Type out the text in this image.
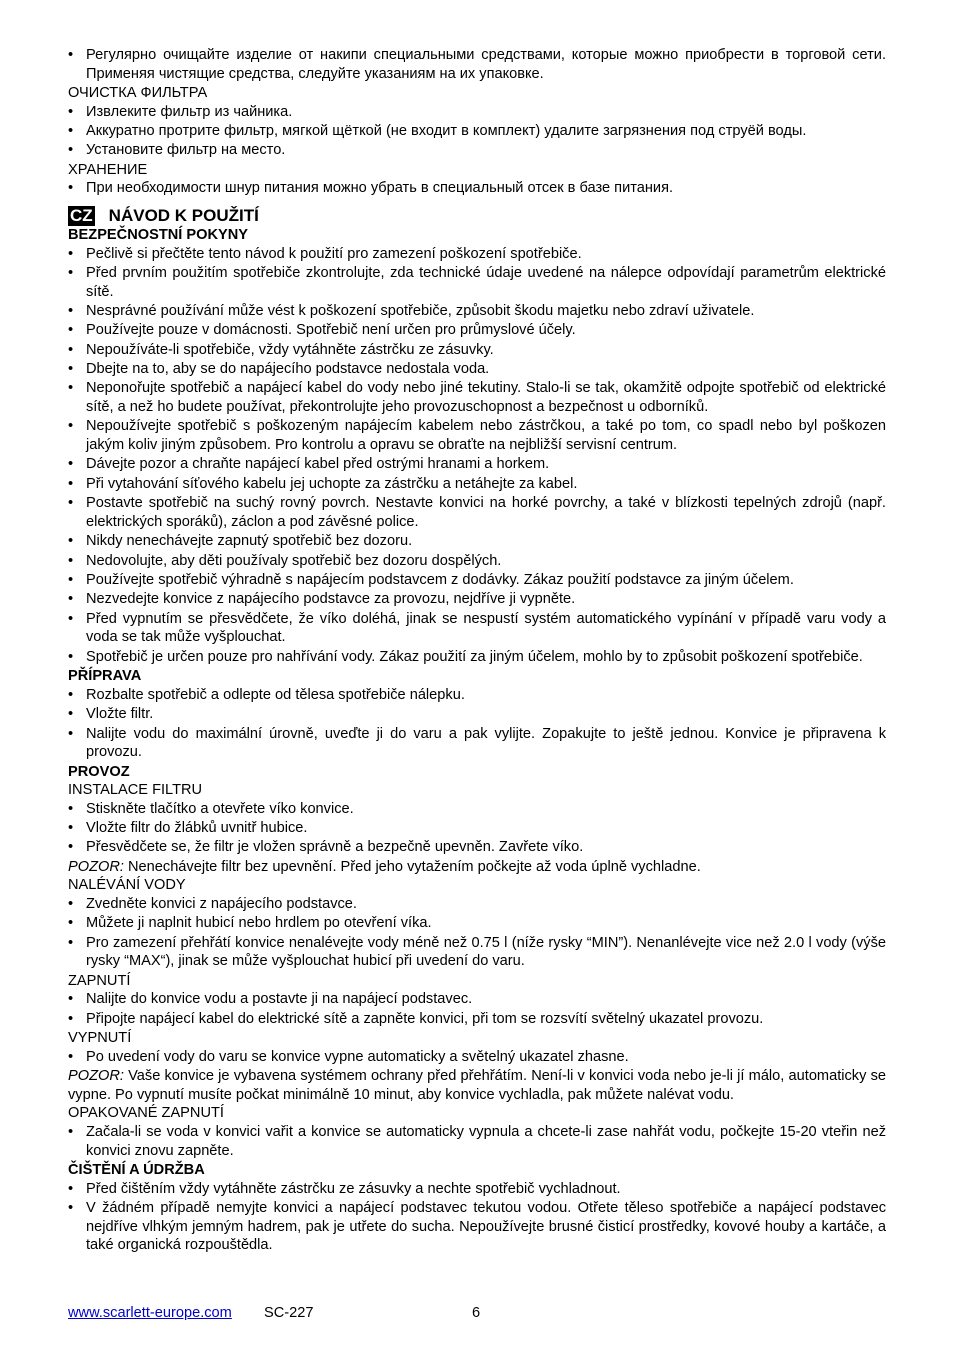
• Регулярно очищайте изделие от накипи специальными средствами, которые можно приобрести в торговой сети. Применяя чистящие средства, следуйте указаниям на их упаковке.
ОЧИСТКА ФИЛЬТРА
• Извлеките фильтр из чайника.
• Аккуратно протрите фильтр, мягкой щёткой (не входит в комплект) удалите загрязнения под струёй воды.
• Установите фильтр на место.
ХРАНЕНИЕ
• При необходимости шнур питания можно убрать в специальный отсек в базе питания.
CZ NÁVOD K POUŽITÍ
BEZPEČNOSTNÍ POKYNY
• Pečlivě si přečtěte tento návod k použití pro zamezení poškození spotřebiče.
• Před prvním použitím spotřebiče zkontrolujte, zda technické údaje uvedené na nálepce odpovídají parametrům elektrické sítě.
• Nesprávné používání může vést k poškození spotřebiče, způsobit škodu majetku nebo zdraví uživatele.
• Používejte pouze v domácnosti. Spotřebič není určen pro průmyslové účely.
• Nepoužíváte-li spotřebiče, vždy vytáhněte zástrčku ze zásuvky.
• Dbejte na to, aby se do napájecího podstavce nedostala voda.
• Neponořujte spotřebič a napájecí kabel do vody nebo jiné tekutiny. Stalo-li se tak, okamžitě odpojte spotřebič od elektrické sítě, a než ho budete používat, překontrolujte jeho provozuschopnost a bezpečnost u odborníků.
• Nepoužívejte spotřebič s poškozeným napájecím kabelem nebo zástrčkou, a také po tom, co spadl nebo byl poškozen jakým koliv jiným způsobem. Pro kontrolu a opravu se obraťte na nejbližší servisní centrum.
• Dávejte pozor a chraňte napájecí kabel před ostrými hranami a horkem.
• Při vytahování síťového kabelu jej uchopte za zástrčku a netáhejte za kabel.
• Postavte spotřebič na suchý rovný povrch. Nestavte konvici na horké povrchy, a také v blízkosti tepelných zdrojů (např. elektrických sporáků), záclon a pod závěsné police.
• Nikdy nenechávejte zapnutý spotřebič bez dozoru.
• Nedovolujte, aby děti používaly spotřebič bez dozoru dospělých.
• Používejte spotřebič výhradně s napájecím podstavcem z dodávky. Zákaz použití podstavce za jiným účelem.
• Nezvedejte konvice z napájecího podstavce za provozu, nejdříve ji vypněte.
• Před vypnutím se přesvědčete, že víko doléhá, jinak se nespustí systém automatického vypínání v případě varu vody a voda se tak může vyšplouchat.
• Spotřebič je určen pouze pro nahřívání vody. Zákaz použití za jiným účelem, mohlo by to způsobit poškození spotřebiče.
PŘÍPRAVA
• Rozbalte spotřebič a odlepte od tělesa spotřebiče nálepku.
• Vložte filtr.
• Nalijte vodu do maximální úrovně, uveďte ji do varu a pak vylijte. Zopakujte to ještě jednou. Konvice je připravena k provozu.
PROVOZ
INSTALACE FILTRU
• Stiskněte tlačítko a otevřete víko konvice.
• Vložte filtr do žlábků uvnitř hubice.
• Přesvědčete se, že filtr je vložen správně a bezpečně upevněn. Zavřete víko.
POZOR: Nenechávejte filtr bez upevnění. Před jeho vytažením počkejte až voda úplně vychladne.
NALÉVÁNÍ VODY
• Zvedněte konvici z napájecího podstavce.
• Můžete ji naplnit hubicí nebo hrdlem po otevření víka.
• Pro zamezení přehřátí konvice nenalévejte vody méně než 0.75 l (níže rysky “MIN”). Nenanlévejte vice než 2.0 l vody (výše rysky “MAX“), jinak se může vyšplouchat hubicí při uvedení do varu.
ZAPNUTÍ
• Nalijte do konvice vodu a postavte ji na napájecí podstavec.
• Připojte napájecí kabel do elektrické sítě a zapněte konvici, při tom se rozsvítí světelný ukazatel provozu.
VYPNUTÍ
• Po uvedení vody do varu se konvice vypne automaticky a světelný ukazatel zhasne.
POZOR: Vaše konvice je vybavena systémem ochrany před přehřátím. Není-li v konvici voda nebo je-li jí málo, automaticky se vypne. Po vypnutí musíte počkat minimálně 10 minut, aby konvice vychladla, pak můžete nalévat vodu.
OPAKOVANÉ ZAPNUTÍ
• Začala-li se voda v konvici vařit a konvice se automaticky vypnula a chcete-li zase nahřát vodu, počkejte 15-20 vteřin než konvici znovu zapněte.
ČIŠTĚNÍ A ÚDRŽBA
• Před čištěním vždy vytáhněte zástrčku ze zásuvky a nechte spotřebič vychladnout.
• V žádném případě nemyjte konvici a napájecí podstavec tekutou vodou. Otřete těleso spotřebiče a napájecí podstavec nejdříve vlhkým jemným hadrem, pak je utřete do sucha. Nepoužívejte brusné čisticí prostředky, kovové houby a kartáče, a také organická rozpouštědla.
www.scarlett-europe.com SC-227	6
